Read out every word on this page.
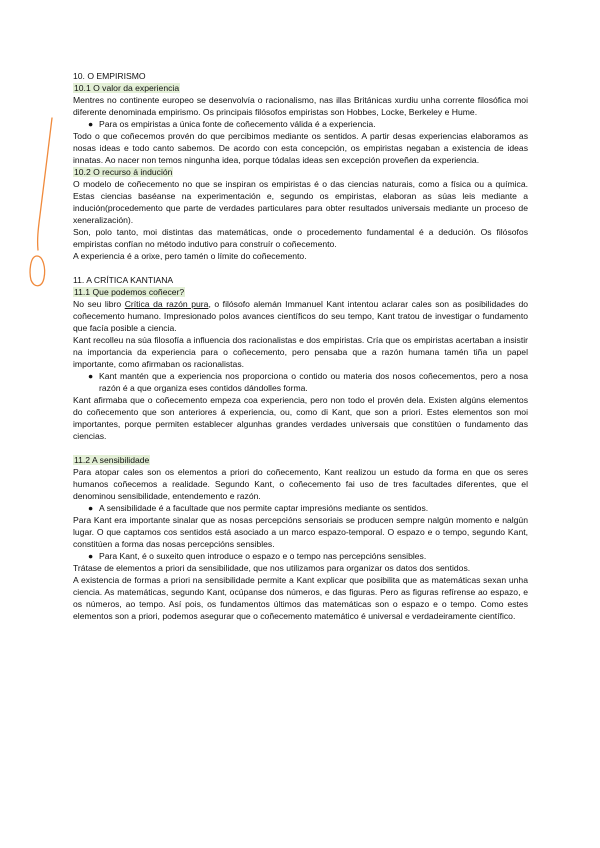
10. O EMPIRISMO
10.1 O valor da experiencia

Mentres no continente europeo se desenvolvía o racionalismo, nas illas Británicas xurdiu unha corrente filosófica moi diferente denominada empirismo. Os principais filósofos empiristas son Hobbes, Locke, Berkeley e Hume.

● Para os empiristas a única fonte de coñecemento válida é a experiencia.

Todo o que coñecemos provén do que percibimos mediante os sentidos. A partir desas experiencias elaboramos as nosas ideas e todo canto sabemos. De acordo con esta concepción, os empiristas negaban a existencia de ideas innatas. Ao nacer non temos ningunha idea, porque tódalas ideas sen excepción proveñen da experiencia.

10.2 O recurso á indución

O modelo de coñecemento no que se inspiran os empiristas é o das ciencias naturais, como a física ou a química. Estas ciencias baséanse na experimentación e, segundo os empiristas, elaboran as súas leis mediante a indución(procedemento que parte de verdades particulares para obter resultados universais mediante un proceso de xeneralización).

Son, polo tanto, moi distintas das matemáticas, onde o procedemento fundamental é a dedución. Os filósofos empiristas confían no método indutivo para construír o coñecemento.

A experiencia é a orixe, pero tamén o límite do coñecemento.

11. A CRÍTICA KANTIANA
11.1 Que podemos coñecer?

No seu libro Crítica da razón pura, o filósofo alemán Immanuel Kant intentou aclarar cales son as posibilidades do coñecemento humano. Impresionado polos avances científicos do seu tempo, Kant tratou de investigar o fundamento que facía posible a ciencia.

Kant recolleu na súa filosofía a influencia dos racionalistas e dos empiristas. Cría que os empiristas acertaban a insistir na importancia da experiencia para o coñecemento, pero pensaba que a razón humana tamén tiña un papel importante, como afirmaban os racionalistas.

● Kant mantén que a experiencia nos proporciona o contido ou materia dos nosos coñecementos, pero a nosa razón é a que organiza eses contidos dándolles forma.

Kant afirmaba que o coñecemento empeza coa experiencia, pero non todo el provén dela. Existen algúns elementos do coñecemento que son anteriores á experiencia, ou, como di Kant, que son a priori. Estes elementos son moi importantes, porque permiten establecer algunhas grandes verdades universais que constitúen o fundamento das ciencias.

11.2 A sensibilidade

Para atopar cales son os elementos a priori do coñecemento, Kant realizou un estudo da forma en que os seres humanos coñecemos a realidade. Segundo Kant, o coñecemento fai uso de tres facultades diferentes, que el denominou sensibilidade, entendemento e razón.

● A sensibilidade é a facultade que nos permite captar impresións mediante os sentidos.

Para Kant era importante sinalar que as nosas percepcións sensoriais se producen sempre nalgún momento e nalgún lugar. O que captamos cos sentidos está asociado a un marco espazo-temporal. O espazo e o tempo, segundo Kant, constitúen a forma das nosas percepcións sensibles.

● Para Kant, é o suxeito quen introduce o espazo e o tempo nas percepcións sensibles.

Trátase de elementos a priori da sensibilidade, que nos utilizamos para organizar os datos dos sentidos.

A existencia de formas a priori na sensibilidade permite a Kant explicar que posibilita que as matemáticas sexan unha ciencia. As matemáticas, segundo Kant, ocúpanse dos números, e das figuras. Pero as figuras refírense ao espazo, e os números, ao tempo. Así pois, os fundamentos últimos das matemáticas son o espazo e o tempo. Como estes elementos son a priori, podemos asegurar que o coñecemento matemático é universal e verdadeiramente científico.
